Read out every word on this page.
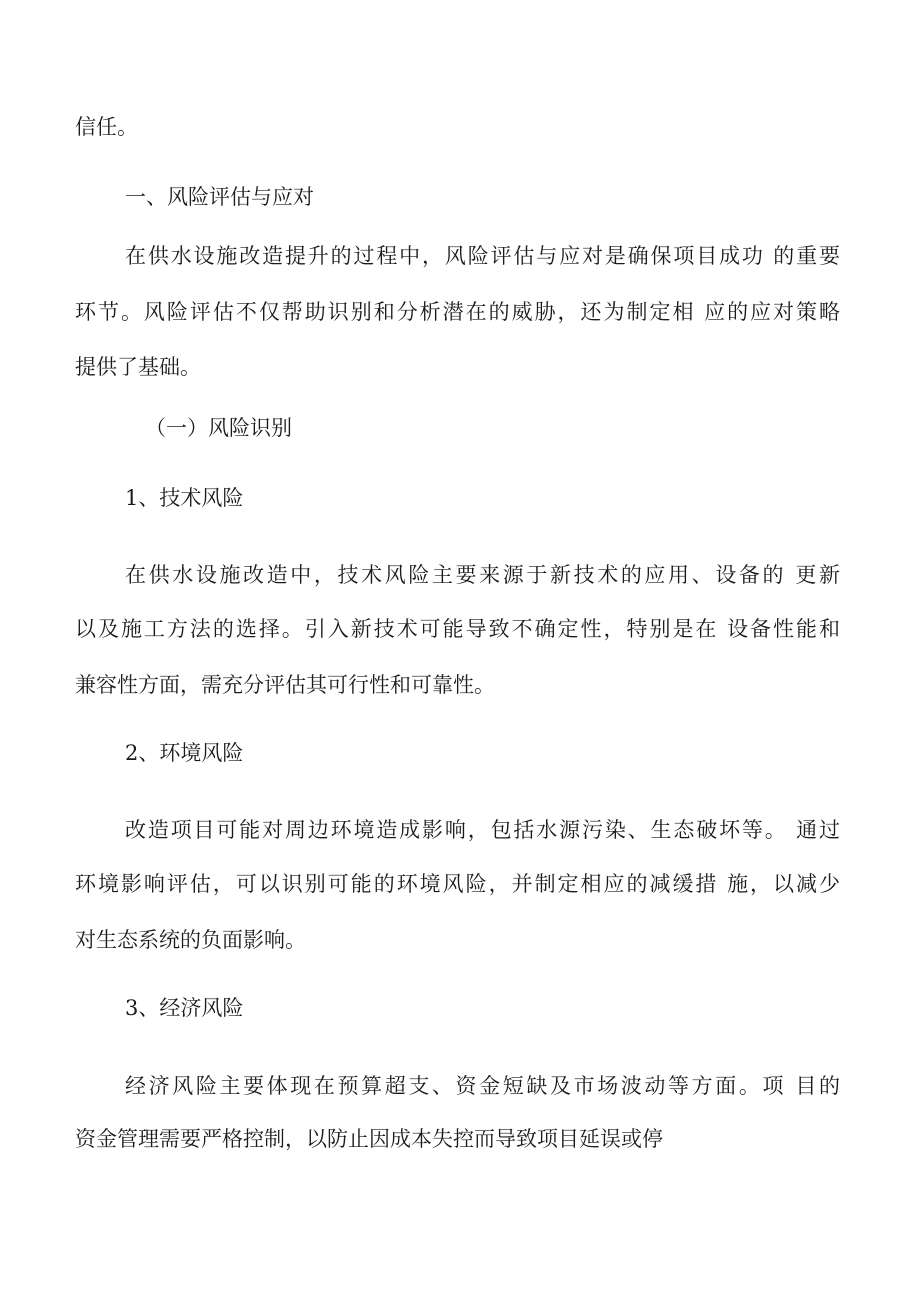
信任。
一、风险评估与应对
在供水设施改造提升的过程中，风险评估与应对是确保项目成功 的重要
环节。风险评估不仅帮助识别和分析潜在的威胁，还为制定相 应的应对策略
提供了基础。
（一）风险识别
1、技术风险
在供水设施改造中，技术风险主要来源于新技术的应用、设备的 更新
以及施工方法的选择。引入新技术可能导致不确定性，特别是在 设备性能和
兼容性方面，需充分评估其可行性和可靠性。
2、环境风险
改造项目可能对周边环境造成影响，包括水源污染、生态破坏等。 通过
环境影响评估，可以识别可能的环境风险，并制定相应的减缓措 施，以减少
对生态系统的负面影响。
3、经济风险
经济风险主要体现在预算超支、资金短缺及市场波动等方面。项 目的
资金管理需要严格控制，以防止因成本失控而导致项目延误或停
